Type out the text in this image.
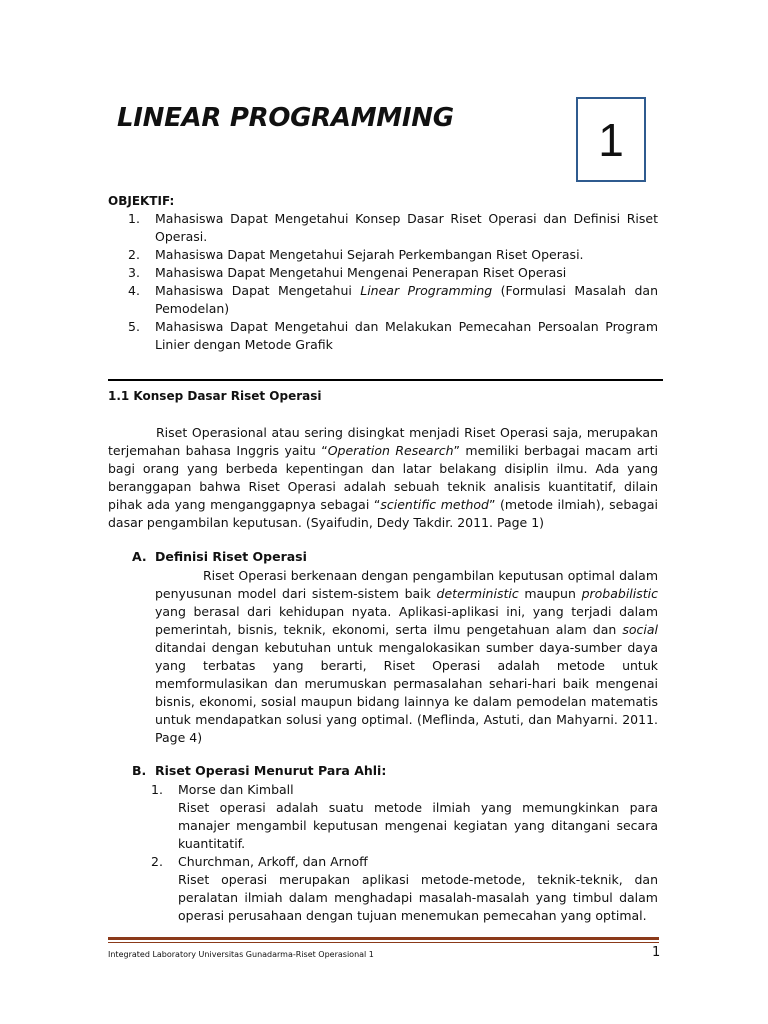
LINEAR PROGRAMMING	1
OBJEKTIF:
1. Mahasiswa Dapat Mengetahui Konsep Dasar Riset Operasi dan Definisi Riset Operasi.
2. Mahasiswa Dapat Mengetahui Sejarah Perkembangan Riset Operasi.
3. Mahasiswa Dapat Mengetahui Mengenai Penerapan Riset Operasi
4. Mahasiswa Dapat Mengetahui Linear Programming (Formulasi Masalah dan Pemodelan)
5. Mahasiswa Dapat Mengetahui dan Melakukan Pemecahan Persoalan Program Linier dengan Metode Grafik
1.1 Konsep Dasar Riset Operasi

Riset Operasional atau sering disingkat menjadi Riset Operasi saja, merupakan terjemahan bahasa Inggris yaitu “Operation Research” memiliki berbagai macam arti bagi orang yang berbeda kepentingan dan latar belakang disiplin ilmu. Ada yang beranggapan bahwa Riset Operasi adalah sebuah teknik analisis kuantitatif, dilain pihak ada yang menganggapnya sebagai “scientific method” (metode ilmiah), sebagai dasar pengambilan keputusan. (Syaifudin, Dedy Takdir. 2011. Page 1)

A. Definisi Riset Operasi

Riset Operasi berkenaan dengan pengambilan keputusan optimal dalam penyusunan model dari sistem-sistem baik deterministic maupun probabilistic yang berasal dari kehidupan nyata. Aplikasi-aplikasi ini, yang terjadi dalam pemerintah, bisnis, teknik, ekonomi, serta ilmu pengetahuan alam dan social ditandai dengan kebutuhan untuk mengalokasikan sumber daya-sumber daya yang terbatas yang berarti, Riset Operasi adalah metode untuk memformulasikan dan merumuskan permasalahan sehari-hari baik mengenai bisnis, ekonomi, sosial maupun bidang lainnya ke dalam pemodelan matematis untuk mendapatkan solusi yang optimal. (Meflinda, Astuti, dan Mahyarni. 2011. Page 4)

B. Riset Operasi Menurut Para Ahli:
1. Morse dan Kimball
Riset operasi adalah suatu metode ilmiah yang memungkinkan para manajer mengambil keputusan mengenai kegiatan yang ditangani secara kuantitatif.
2. Churchman, Arkoff, dan Arnoff
Riset operasi merupakan aplikasi metode-metode, teknik-teknik, dan peralatan ilmiah dalam menghadapi masalah-masalah yang timbul dalam operasi perusahaan dengan tujuan menemukan pemecahan yang optimal.
Integrated Laboratory Universitas Gunadarma-Riset Operasional 1	1
